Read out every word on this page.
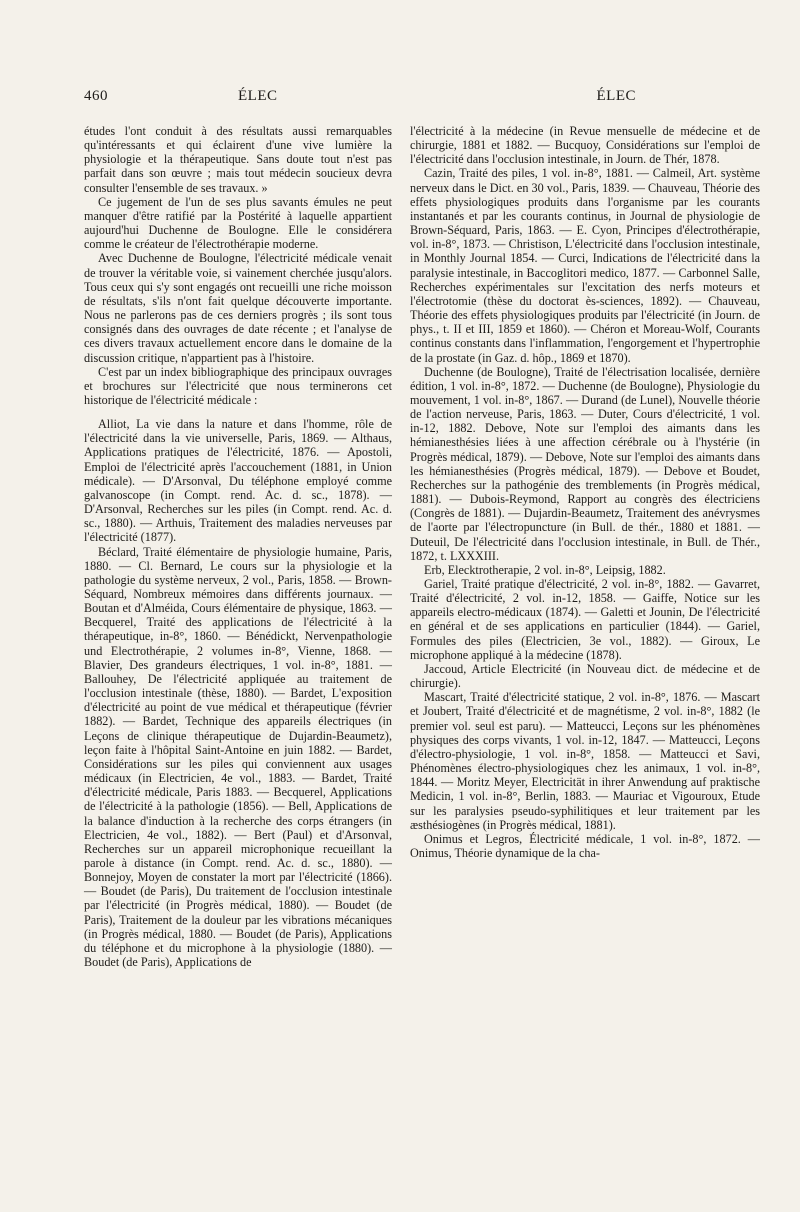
460	ÉLEC	ÉLEC

études l'ont conduit à des résultats aussi remarquables qu'intéressants et qui éclairent d'une vive lumière la physiologie et la thérapeutique. Sans doute tout n'est pas parfait dans son œuvre ; mais tout médecin soucieux devra consulter l'ensemble de ses travaux. »

Ce jugement de l'un de ses plus savants émules ne peut manquer d'être ratifié par la Postérité à laquelle appartient aujourd'hui Duchenne de Boulogne. Elle le considérera comme le créateur de l'électrothérapie moderne.

Avec Duchenne de Boulogne, l'électricité médicale venait de trouver la véritable voie, si vainement cherchée jusqu'alors. Tous ceux qui s'y sont engagés ont recueilli une riche moisson de résultats, s'ils n'ont fait quelque découverte importante. Nous ne parlerons pas de ces derniers progrès ; ils sont tous consignés dans des ouvrages de date récente ; et l'analyse de ces divers travaux actuellement encore dans le domaine de la discussion critique, n'appartient pas à l'histoire.

C'est par un index bibliographique des principaux ouvrages et brochures sur l'électricité que nous terminerons cet historique de l'électricité médicale :

Alliot, La vie dans la nature et dans l'homme, rôle de l'électricité dans la vie universelle, Paris, 1869. — Althaus, Applications pratiques de l'électricité, 1876. — Apostoli, Emploi de l'électricité après l'accouchement (1881, in Union médicale). — D'Arsonval, Du téléphone employé comme galvanoscope (in Compt. rend. Ac. d. sc., 1878). — D'Arsonval, Recherches sur les piles (in Compt. rend. Ac. d. sc., 1880). — Arthuis, Traitement des maladies nerveuses par l'électricité (1877).

Béclard, Traité élémentaire de physiologie humaine, Paris, 1880. — Cl. Bernard, Le cours sur la physiologie et la pathologie du système nerveux, 2 vol., Paris, 1858. — Brown-Séquard, Nombreux mémoires dans différents journaux. — Boutan et d'Alméida, Cours élémentaire de physique, 1863. — Becquerel, Traité des applications de l'électricité à la thérapeutique, in-8°, 1860. — Bénédickt, Nervenpathologie und Electrothérapie, 2 volumes in-8°, Vienne, 1868. — Blavier, Des grandeurs électriques, 1 vol. in-8°, 1881. — Ballouhey, De l'électricité appliquée au traitement de l'occlusion intestinale (thèse, 1880). — Bardet, L'exposition d'électricité au point de vue médical et thérapeutique (février 1882). — Bardet, Technique des appareils électriques (in Leçons de clinique thérapeutique de Dujardin-Beaumetz), leçon faite à l'hôpital Saint-Antoine en juin 1882. — Bardet, Considérations sur les piles qui conviennent aux usages médicaux (in Electricien, 4e vol., 1883. — Bardet, Traité d'électricité médicale, Paris 1883. — Becquerel, Applications de l'électricité à la pathologie (1856). — Bell, Applications de la balance d'induction à la recherche des corps étrangers (in Electricien, 4e vol., 1882). — Bert (Paul) et d'Arsonval, Recherches sur un appareil microphonique recueillant la parole à distance (in Compt. rend. Ac. d. sc., 1880). — Bonnejoy, Moyen de constater la mort par l'électricité (1866). — Boudet (de Paris), Du traitement de l'occlusion intestinale par l'électricité (in Progrès médical, 1880). — Boudet (de Paris), Traitement de la douleur par les vibrations mécaniques (in Progrès médical, 1880. — Boudet (de Paris), Applications du téléphone et du microphone à la physiologie (1880). — Boudet (de Paris), Applications de

l'électricité à la médecine (in Revue mensuelle de médecine et de chirurgie, 1881 et 1882. — Bucquoy, Considérations sur l'emploi de l'électricité dans l'occlusion intestinale, in Journ. de Thér, 1878.

Cazin, Traité des piles, 1 vol. in-8°, 1881. — Calmeil, Art. système nerveux dans le Dict. en 30 vol., Paris, 1839. — Chauveau, Théorie des effets physiologiques produits dans l'organisme par les courants instantanés et par les courants continus, in Journal de physiologie de Brown-Séquard, Paris, 1863. — E. Cyon, Principes d'électrothérapie, vol. in-8°, 1873. — Christison, L'électricité dans l'occlusion intestinale, in Monthly Journal 1854. — Curci, Indications de l'électricité dans la paralysie intestinale, in Baccoglitori medico, 1877. — Carbonnel Salle, Recherches expérimentales sur l'excitation des nerfs moteurs et l'électrotomie (thèse du doctorat ès-sciences, 1892). — Chauveau, Théorie des effets physiologiques produits par l'électricité (in Journ. de phys., t. II et III, 1859 et 1860). — Chéron et Moreau-Wolf, Courants continus constants dans l'inflammation, l'engorgement et l'hypertrophie de la prostate (in Gaz. d. hôp., 1869 et 1870).

Duchenne (de Boulogne), Traité de l'électrisation localisée, dernière édition, 1 vol. in-8°, 1872. — Duchenne (de Boulogne), Physiologie du mouvement, 1 vol. in-8°, 1867. — Durand (de Lunel), Nouvelle théorie de l'action nerveuse, Paris, 1863. — Duter, Cours d'électricité, 1 vol. in-12, 1882. Debove, Note sur l'emploi des aimants dans les hémianesthésies liées à une affection cérébrale ou à l'hystérie (in Progrès médical, 1879). — Debove, Note sur l'emploi des aimants dans les hémianesthésies (Progrès médical, 1879). — Debove et Boudet, Recherches sur la pathogénie des tremblements (in Progrès médical, 1881). — Dubois-Reymond, Rapport au congrès des électriciens (Congrès de 1881). — Dujardin-Beaumetz, Traitement des anévrysmes de l'aorte par l'électropuncture (in Bull. de thér., 1880 et 1881. — Duteuil, De l'électricité dans l'occlusion intestinale, in Bull. de Thér., 1872, t. LXXXIII.

Erb, Elecktrotherapie, 2 vol. in-8°, Leipsig, 1882.

Gariel, Traité pratique d'électricité, 2 vol. in-8°, 1882. — Gavarret, Traité d'électricité, 2 vol. in-12, 1858. — Gaiffe, Notice sur les appareils electro-médicaux (1874). — Galetti et Jounin, De l'électricité en général et de ses applications en particulier (1844). — Gariel, Formules des piles (Electricien, 3e vol., 1882). — Giroux, Le microphone appliqué à la médecine (1878).

Jaccoud, Article Electricité (in Nouveau dict. de médecine et de chirurgie).

Mascart, Traité d'électricité statique, 2 vol. in-8°, 1876. — Mascart et Joubert, Traité d'électricité et de magnétisme, 2 vol. in-8°, 1882 (le premier vol. seul est paru). — Matteucci, Leçons sur les phénomènes physiques des corps vivants, 1 vol. in-12, 1847. — Matteucci, Leçons d'électro-physiologie, 1 vol. in-8°, 1858. — Matteucci et Savi, Phénomènes électro-physiologiques chez les animaux, 1 vol. in-8°, 1844. — Moritz Meyer, Electricität in ihrer Anwendung auf praktische Medicin, 1 vol. in-8°, Berlin, 1883. — Mauriac et Vigouroux, Etude sur les paralysies pseudo-syphilitiques et leur traitement par les æsthésiogènes (in Progrès médical, 1881).

Onimus et Legros, Électricité médicale, 1 vol. in-8°, 1872. — Onimus, Théorie dynamique de la cha-
